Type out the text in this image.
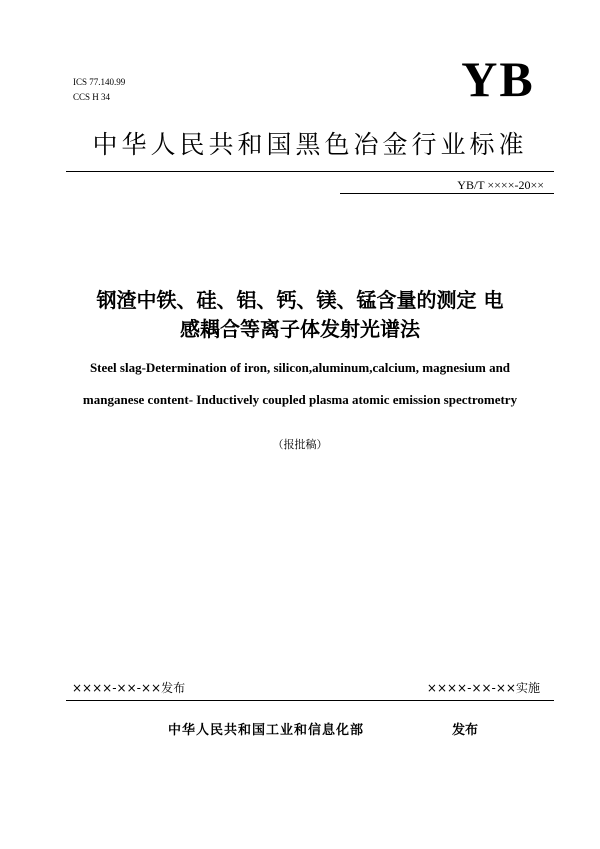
ICS 77.140.99
CCS H 34	YB
中华人民共和国黑色冶金行业标准
YB/T ××××-20××
钢渣中铁、硅、铝、钙、镁、锰含量的测定 电
感耦合等离子体发射光谱法
Steel slag-Determination of iron, silicon,aluminum,calcium, magnesium and
manganese content- Inductively coupled plasma atomic emission spectrometry
（报批稿）
××××-××-××发布	××××-××-××实施
中华人民共和国工业和信息化部	发布
